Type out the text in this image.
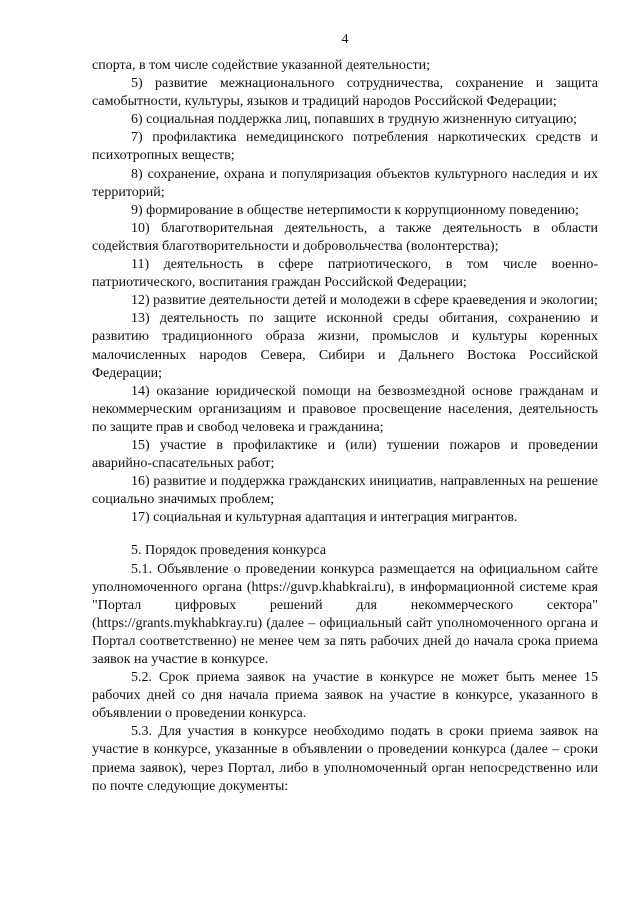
4

спорта, в том числе содействие указанной деятельности;

5) развитие межнационального сотрудничества, сохранение и защита самобытности, культуры, языков и традиций народов Российской Федерации;

6) социальная поддержка лиц, попавших в трудную жизненную ситуацию;

7) профилактика немедицинского потребления наркотических средств и психотропных веществ;

8) сохранение, охрана и популяризация объектов культурного наследия и их территорий;

9) формирование в обществе нетерпимости к коррупционному поведению;

10) благотворительная деятельность, а также деятельность в области содействия благотворительности и добровольчества (волонтерства);

11) деятельность в сфере патриотического, в том числе военно-патриотического, воспитания граждан Российской Федерации;

12) развитие деятельности детей и молодежи в сфере краеведения и экологии;

13) деятельность по защите исконной среды обитания, сохранению и развитию традиционного образа жизни, промыслов и культуры коренных малочисленных народов Севера, Сибири и Дальнего Востока Российской Федерации;

14) оказание юридической помощи на безвозмездной основе гражданам и некоммерческим организациям и правовое просвещение населения, деятельность по защите прав и свобод человека и гражданина;

15) участие в профилактике и (или) тушении пожаров и проведении аварийно-спасательных работ;

16) развитие и поддержка гражданских инициатив, направленных на решение социально значимых проблем;

17) социальная и культурная адаптация и интеграция мигрантов.

5. Порядок проведения конкурса

5.1. Объявление о проведении конкурса размещается на официальном сайте уполномоченного органа (https://guvp.khabkrai.ru), в информационной системе края "Портал цифровых решений для некоммерческого сектора" (https://grants.mykhabkray.ru) (далее – официальный сайт уполномоченного органа и Портал соответственно) не менее чем за пять рабочих дней до начала срока приема заявок на участие в конкурсе.

5.2. Срок приема заявок на участие в конкурсе не может быть менее 15 рабочих дней со дня начала приема заявок на участие в конкурсе, указанного в объявлении о проведении конкурса.

5.3. Для участия в конкурсе необходимо подать в сроки приема заявок на участие в конкурсе, указанные в объявлении о проведении конкурса (далее – сроки приема заявок), через Портал, либо в уполномоченный орган непосредственно или по почте следующие документы:
